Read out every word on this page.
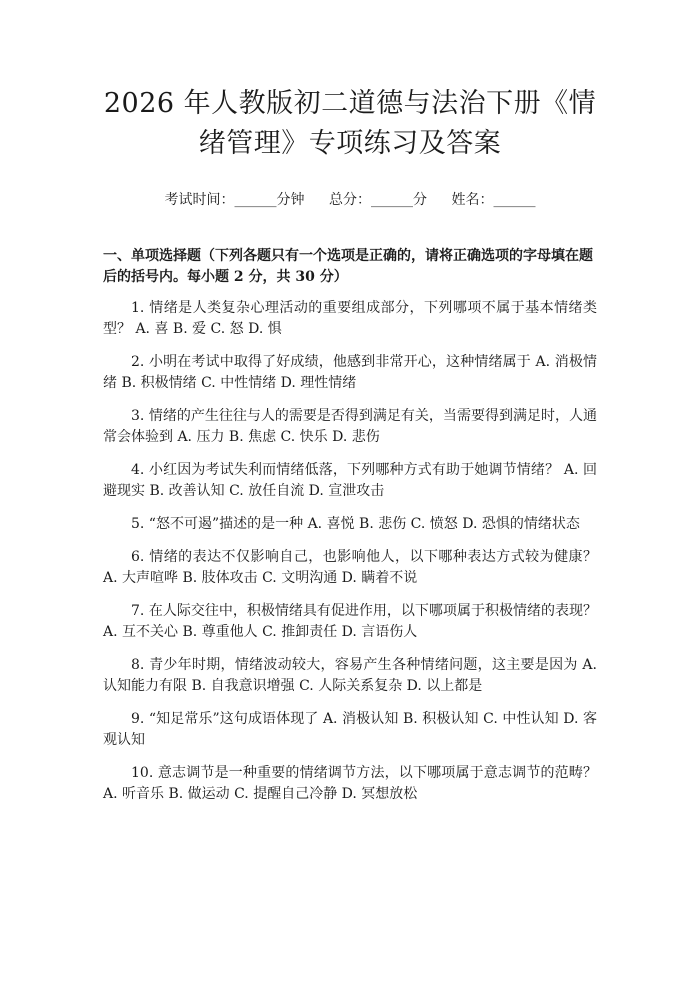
2026 年人教版初二道德与法治下册《情绪管理》专项练习及答案
考试时间：______分钟 总分：______分 姓名：______
一、单项选择题（下列各题只有一个选项是正确的，请将正确选项的字母填在题后的括号内。每小题 2 分，共 30 分）

1. 情绪是人类复杂心理活动的重要组成部分，下列哪项不属于基本情绪类型？ A. 喜 B. 爱 C. 怒 D. 惧

2. 小明在考试中取得了好成绩，他感到非常开心，这种情绪属于 A. 消极情绪 B. 积极情绪 C. 中性情绪 D. 理性情绪

3. 情绪的产生往往与人的需要是否得到满足有关，当需要得到满足时，人通常会体验到 A. 压力 B. 焦虑 C. 快乐 D. 悲伤

4. 小红因为考试失利而情绪低落，下列哪种方式有助于她调节情绪？ A. 回避现实 B. 改善认知 C. 放任自流 D. 宣泄攻击

5. “怒不可遏”描述的是一种 A. 喜悦 B. 悲伤 C. 愤怒 D. 恐惧的情绪状态

6. 情绪的表达不仅影响自己，也影响他人，以下哪种表达方式较为健康？ A. 大声喧哗 B. 肢体攻击 C. 文明沟通 D. 瞒着不说

7. 在人际交往中，积极情绪具有促进作用，以下哪项属于积极情绪的表现？ A. 互不关心 B. 尊重他人 C. 推卸责任 D. 言语伤人

8. 青少年时期，情绪波动较大，容易产生各种情绪问题，这主要是因为 A. 认知能力有限 B. 自我意识增强 C. 人际关系复杂 D. 以上都是

9. “知足常乐”这句成语体现了 A. 消极认知 B. 积极认知 C. 中性认知 D. 客观认知

10. 意志调节是一种重要的情绪调节方法，以下哪项属于意志调节的范畴？ A. 听音乐 B. 做运动 C. 提醒自己冷静 D. 冥想放松
